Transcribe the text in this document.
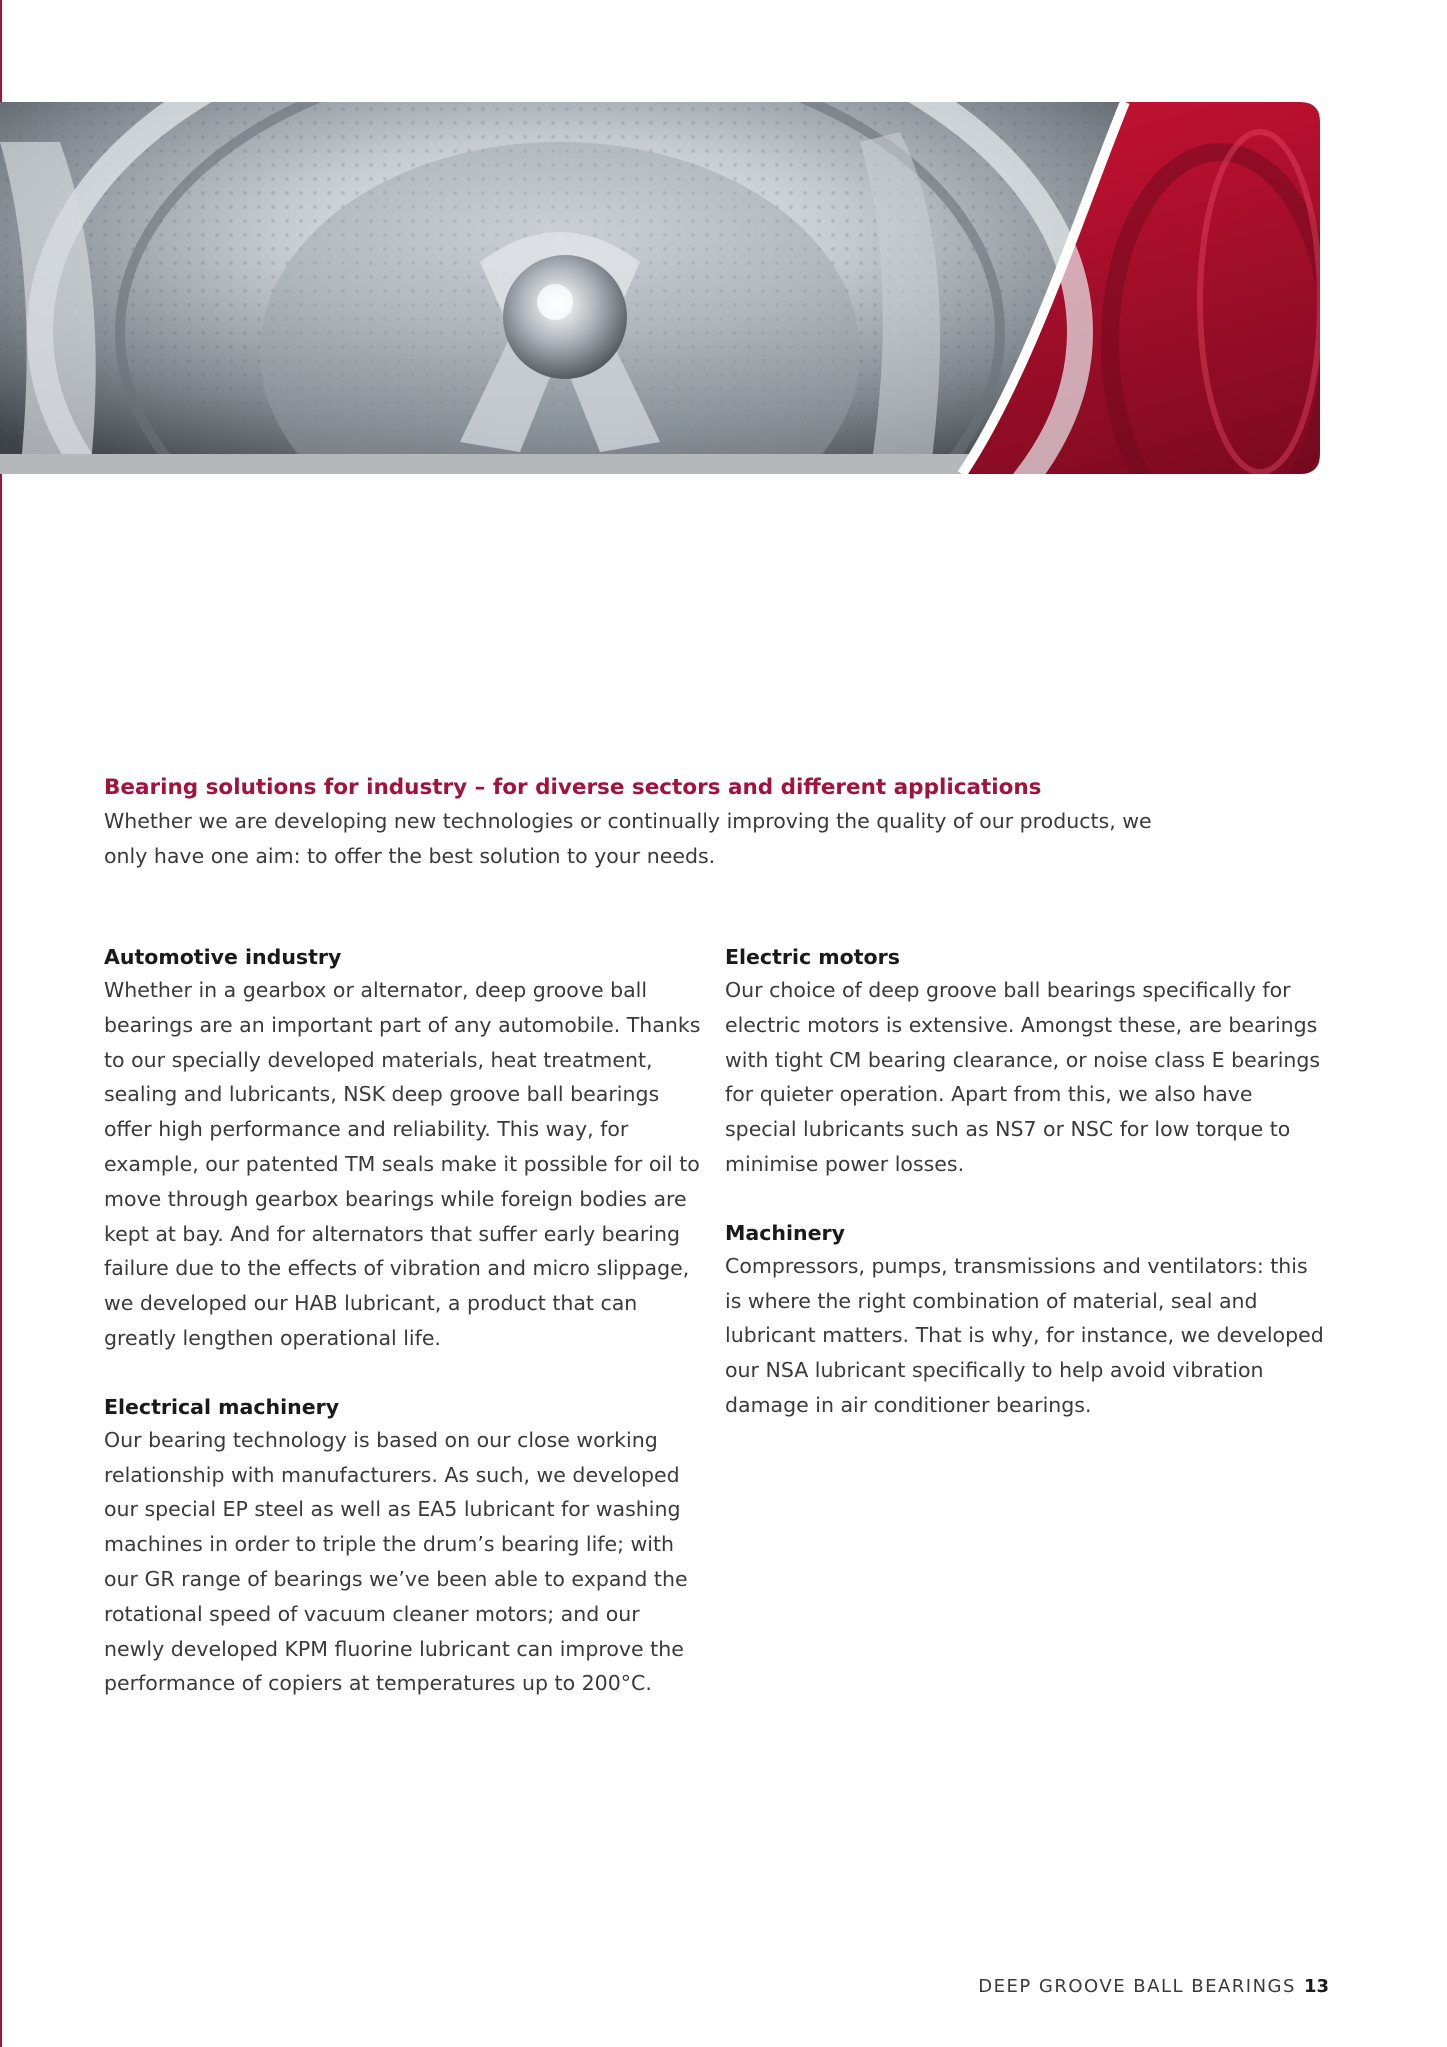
Bearing solutions for industry – for diverse sectors and different applications

Whether we are developing new technologies or continually improving the quality of our products, we only have one aim: to offer the best solution to your needs.

Automotive industry

Whether in a gearbox or alternator, deep groove ball bearings are an important part of any automobile. Thanks to our specially developed materials, heat treatment, sealing and lubricants, NSK deep groove ball bearings offer high performance and reliability. This way, for example, our patented TM seals make it possible for oil to move through gearbox bearings while foreign bodies are kept at bay. And for alternators that suffer early bearing failure due to the effects of vibration and micro slippage, we developed our HAB lubricant, a product that can greatly lengthen operational life.

Electrical machinery

Our bearing technology is based on our close working relationship with manufacturers. As such, we developed our special EP steel as well as EA5 lubricant for washing machines in order to triple the drum’s bearing life; with our GR range of bearings we’ve been able to expand the rotational speed of vacuum cleaner motors; and our newly developed KPM fluorine lubricant can improve the performance of copiers at temperatures up to 200°C.

Electric motors

Our choice of deep groove ball bearings specifically for electric motors is extensive. Amongst these, are bearings with tight CM bearing clearance, or noise class E bearings for quieter operation. Apart from this, we also have special lubricants such as NS7 or NSC for low torque to minimise power losses.

Machinery

Compressors, pumps, transmissions and ventilators: this is where the right combination of material, seal and lubricant matters. That is why, for instance, we developed our NSA lubricant specifically to help avoid vibration damage in air conditioner bearings.

DEEP GROOVE BALL BEARINGS 13
